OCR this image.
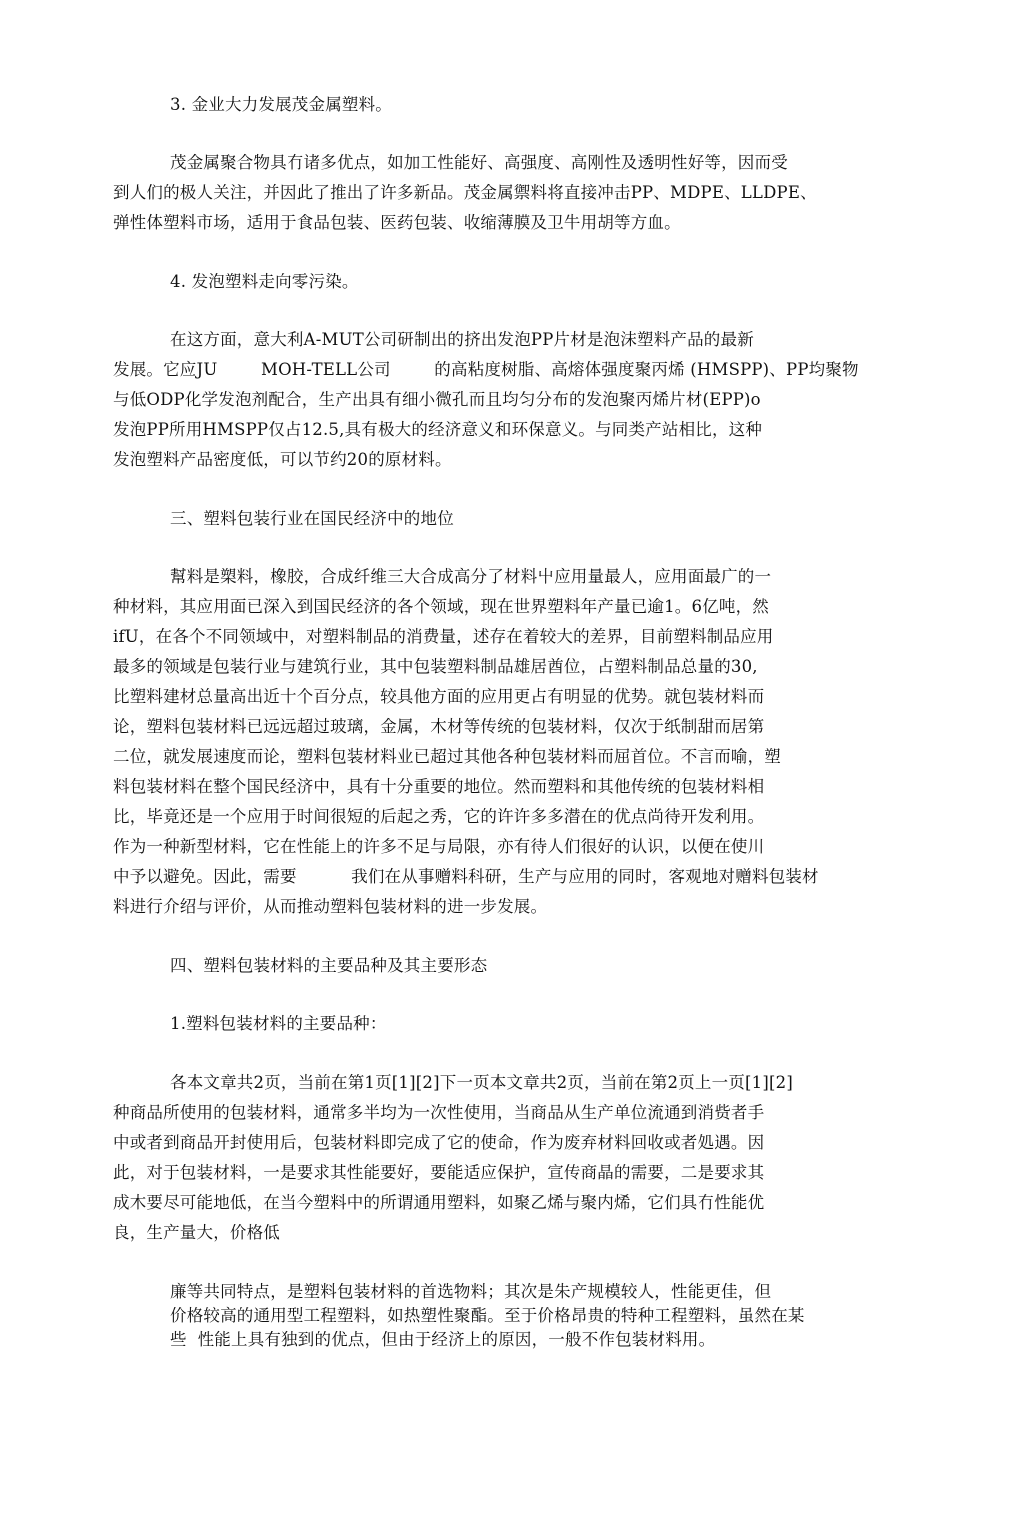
3. 金业大力发展茂金属塑料。
茂金属聚合物具冇诸多优点，如加工性能好、高强度、高刚性及透明性好等，因而受
到人们的极人关注，并因此了推出了许多新品。茂金属禦料将直接冲击PP、MDPE、LLDPE、
弹性体塑料市场，适用于食品包装、医药包装、收缩薄膜及卫牛用胡等方血。
4. 发泡塑料走向零污染。
在这方面，意大利A-MUT公司研制出的挤出发泡PP片材是泡沫塑料产品的最新
发展。它应JU        MOH-TELL公司        的高粘度树脂、高熔体强度聚丙烯 (HMSPP)、PP均聚物
与低ODP化学发泡剂配合，生产出具有细小微孔而且均匀分布的发泡聚丙烯片材(EPP)o
发泡PP所用HMSPP仅占12.5,具有极大的经济意义和环保意义。与同类产站相比，这种
发泡塑料产品密度低，可以节约20的原材料。
三、塑料包装行业在国民经济中的地位
幫料是槊料，橡胶，合成纤维三大合成高分了材料屮应用量最人，应用面最广的一
种材料，其应用面已深入到国民经济的各个领域，现在世界塑料年产量已逾1。6亿吨，然
ifU，在各个不同领域中，对塑料制品的消费量，述存在着较大的差界，目前塑料制品应用
最多的领域是包装行业与建筑行业，其中包装塑料制品雄居酋位，占塑料制品总量的30,
比塑料建材总量高出近十个百分点，较具他方面的应用更占有明显的优势。就包装材料而
论，塑料包装材料已远远超过玻璃，金属，木材等传统的包装材料，仅次于纸制甜而居第
二位，就发展速度而论，塑料包装材料业已超过其他各种包装材料而屈首位。不言而喻，塑
料包装材料在整个国民经济中，具有十分重要的地位。然而塑料和其他传统的包装材料相
比，毕竟还是一个应用于时间很短的后起之秀，它的许许多多潜在的优点尚待开发利用。
作为一种新型材料，它在性能上的许多不足与局限，亦有待人们很好的认识，以便在使川
中予以避免。因此，需要          我们在从事赠料科研，生产与应用的同时，客观地对赠料包装材
料进行介绍与评价，从而推动塑料包装材料的进一步发展。
四、塑料包装材料的主要品种及其主要形态
1.塑料包装材料的主要品种：
各本文章共2页，当前在第1页[1][2]下一页本文章共2页，当前在第2页上一页[1][2]
种商品所使用的包装材料，通常多半均为一次性使用，当商品从生产单位流通到消赀者手
中或者到商品开封使用后，包装材料即完成了它的使命，作为废弃材料回收或者処遇。因
此，对于包装材料，一是要求其性能要好，要能适应保护，宣传商晶的需要，二是要求其
成木要尽可能地低，在当今塑料中的所谓通用塑料，如聚乙烯与聚内烯，它们具冇性能优
良，生产量大，价格低
廉等共同特点，是塑料包装材料的首选物料；其次是朱产规模较人，性能更佳，但
价格较高的通用型工程塑料，如热塑性聚酯。至于价格昂贵的特种工程塑料，虽然在某
些  性能上具有独到的优点，但由于经济上的原因，一般不作包装材料用。
